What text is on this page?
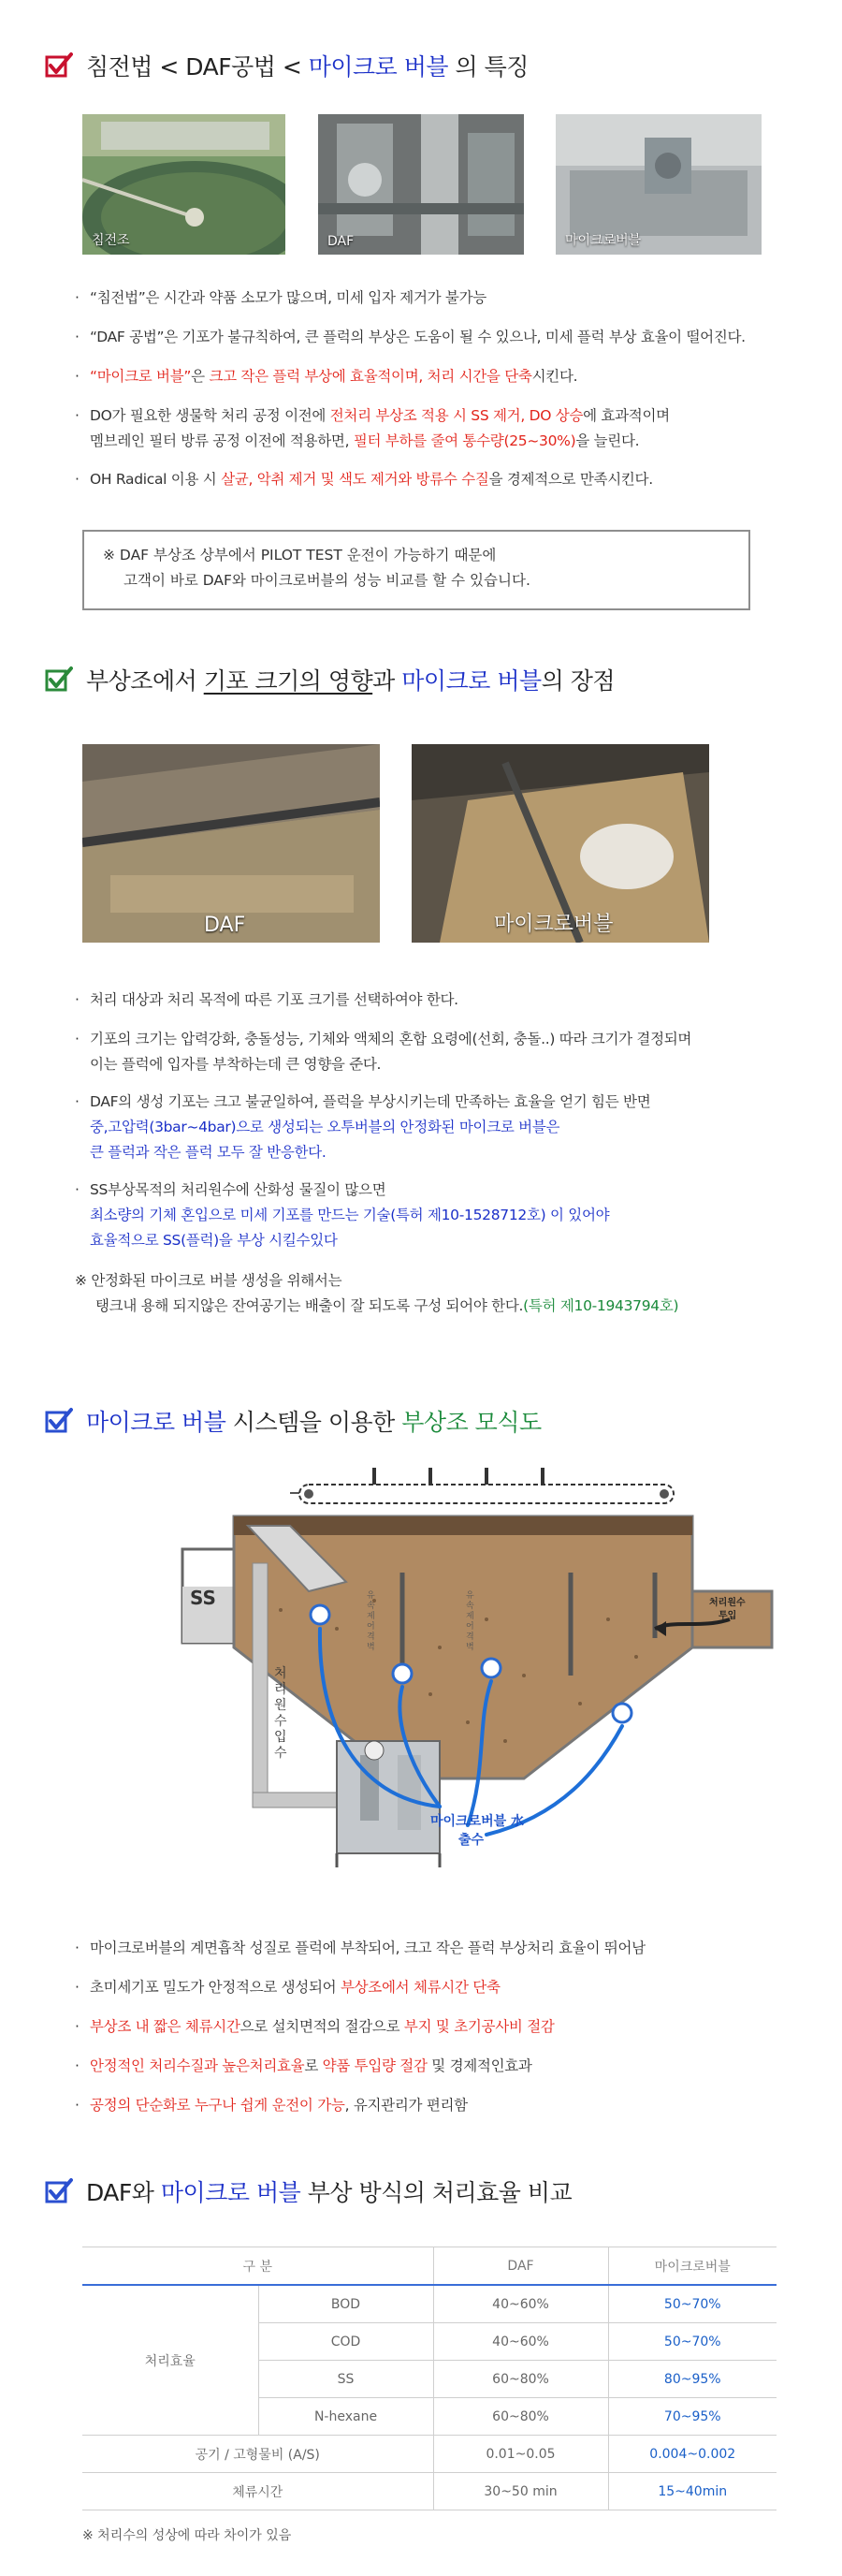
침전법 < DAF공법 < 마이크로 버블 의 특징
침전조	DAF	마이크로버블
· “침전법”은 시간과 약품 소모가 많으며, 미세 입자 제거가 불가능
· “DAF 공법”은 기포가 불규칙하여, 큰 플럭의 부상은 도움이 될 수 있으나, 미세 플럭 부상 효율이 떨어진다.
· “마이크로 버블”은 크고 작은 플럭 부상에 효율적이며, 처리 시간을 단축시킨다.
· DO가 필요한 생물학 처리 공정 이전에 전처리 부상조 적용 시 SS 제거, DO 상승에 효과적이며
멤브레인 필터 방류 공정 이전에 적용하면, 필터 부하를 줄여 통수량(25~30%)을 늘린다.
· OH Radical 이용 시 살균, 악취 제거 및 색도 제거와 방류수 수질을 경제적으로 만족시킨다.
※ DAF 부상조 상부에서 PILOT TEST 운전이 가능하기 때문에
고객이 바로 DAF와 마이크로버블의 성능 비교를 할 수 있습니다.
부상조에서 기포 크기의 영향과 마이크로 버블의 장점
DAF	마이크로버블
· 처리 대상과 처리 목적에 따른 기포 크기를 선택하여야 한다.
· 기포의 크기는 압력강화, 충돌성능, 기체와 액체의 혼합 요령에(선회, 충돌..) 따라 크기가 결정되며
이는 플럭에 입자를 부착하는데 큰 영향을 준다.
· DAF의 생성 기포는 크고 불균일하여, 플럭을 부상시키는데 만족하는 효율을 얻기 힘든 반면
중,고압력(3bar~4bar)으로 생성되는 오투버블의 안정화된 마이크로 버블은
큰 플럭과 작은 플럭 모두 잘 반응한다.
· SS부상목적의 처리원수에 산화성 물질이 많으면
최소량의 기체 혼입으로 미세 기포를 만드는 기술(특허 제10-1528712호) 이 있어야
효율적으로 SS(플럭)을 부상 시킬수있다
※ 안정화된 마이크로 버블 생성을 위해서는
탱크내 용해 되지않은 잔여공기는 배출이 잘 되도록 구성 되어야 한다.(특허 제10-1943794호)
마이크로 버블 시스템을 이용한 부상조 모식도
SS
처리원수 입수
처리원수
투입
유속 제어 격벽
유속 제어 격벽
마이크로버블 水
출수
· 마이크로버블의 계면흡착 성질로 플럭에 부착되어, 크고 작은 플럭 부상처리 효율이 뛰어남
· 초미세기포 밀도가 안정적으로 생성되어 부상조에서 체류시간 단축
· 부상조 내 짧은 체류시간으로 설치면적의 절감으로 부지 및 초기공사비 절감
· 안정적인 처리수질과 높은처리효율로 약품 투입량 절감 및 경제적인효과
· 공정의 단순화로 누구나 쉽게 운전이 가능, 유지관리가 편리함
DAF와 마이크로 버블 부상 방식의 처리효율 비교
구 분		DAF	마이크로버블
처리효율	BOD	40~60%	50~70%
	COD	40~60%	50~70%
	SS	60~80%	80~95%
	N-hexane	60~80%	70~95%
공기 / 고형물비 (A/S)		0.01~0.05	0.004~0.002
체류시간		30~50 min	15~40min
※ 처리수의 성상에 따라 차이가 있음
